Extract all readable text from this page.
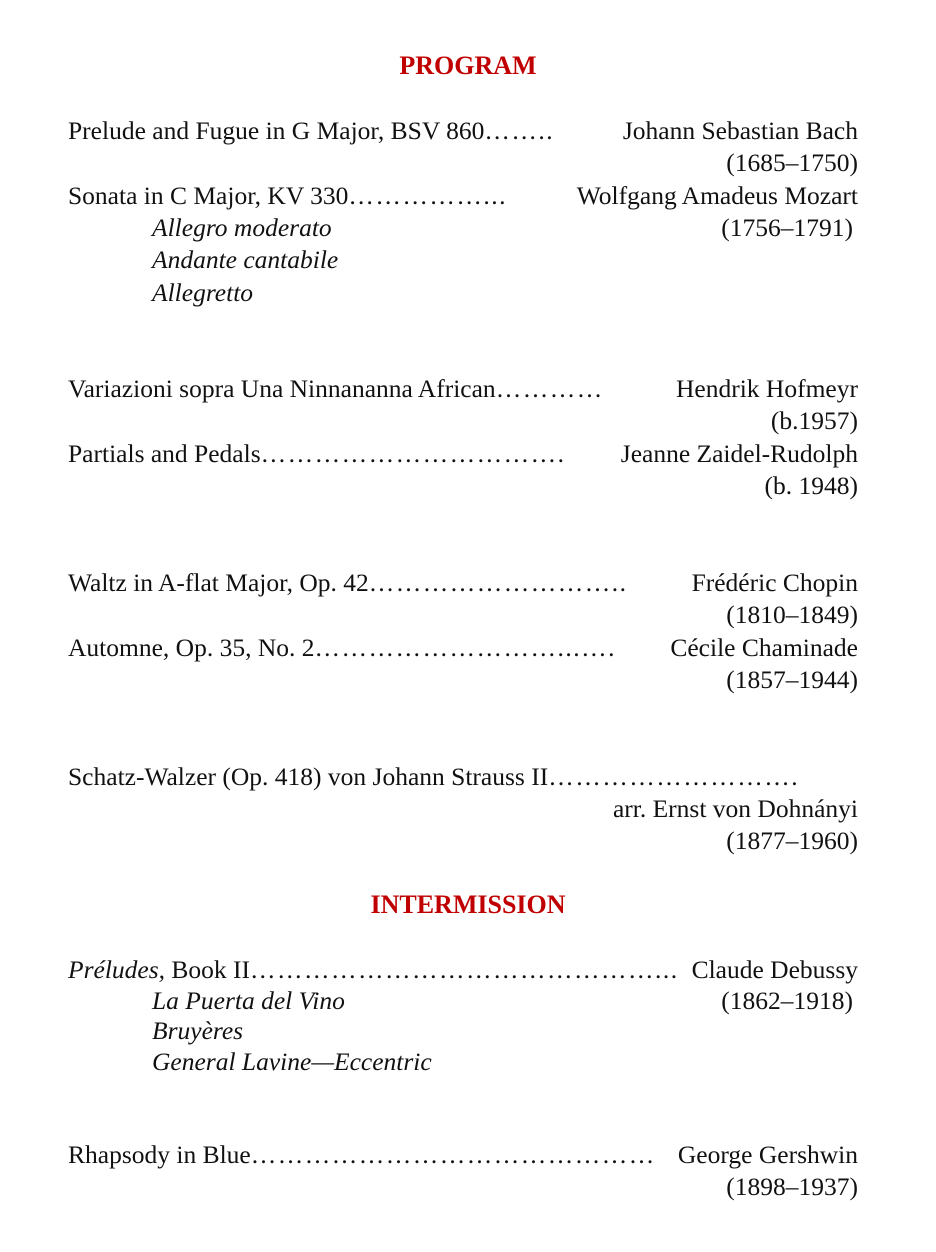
PROGRAM
Prelude and Fugue in G Major, BSV 860 ……..	Johann Sebastian Bach
(1685–1750)
Sonata in C Major, KV 330 ……………...	Wolfgang Amadeus Mozart
Allegro moderato	(1756–1791)
Andante cantabile
Allegretto
Variazioni sopra Una Ninnananna African …………	Hendrik Hofmeyr
(b.1957)
Partials and Pedals …………………………….	Jeanne Zaidel-Rudolph
(b. 1948)
Waltz in A-flat Major, Op. 42 ………………………..	Frédéric Chopin
(1810–1849)
Automne, Op. 35, No. 2 ………………………...….	Cécile Chaminade
(1857–1944)
Schatz-Walzer (Op. 418) von Johann Strauss II ……………………….
arr. Ernst von Dohnányi
(1877–1960)
INTERMISSION
Préludes, Book II ………………………………………... Claude Debussy
La Puerta del Vino	(1862–1918)
Bruyères
General Lavine—Eccentric
Rhapsody in Blue ……………………………………… George Gershwin
(1898–1937)
